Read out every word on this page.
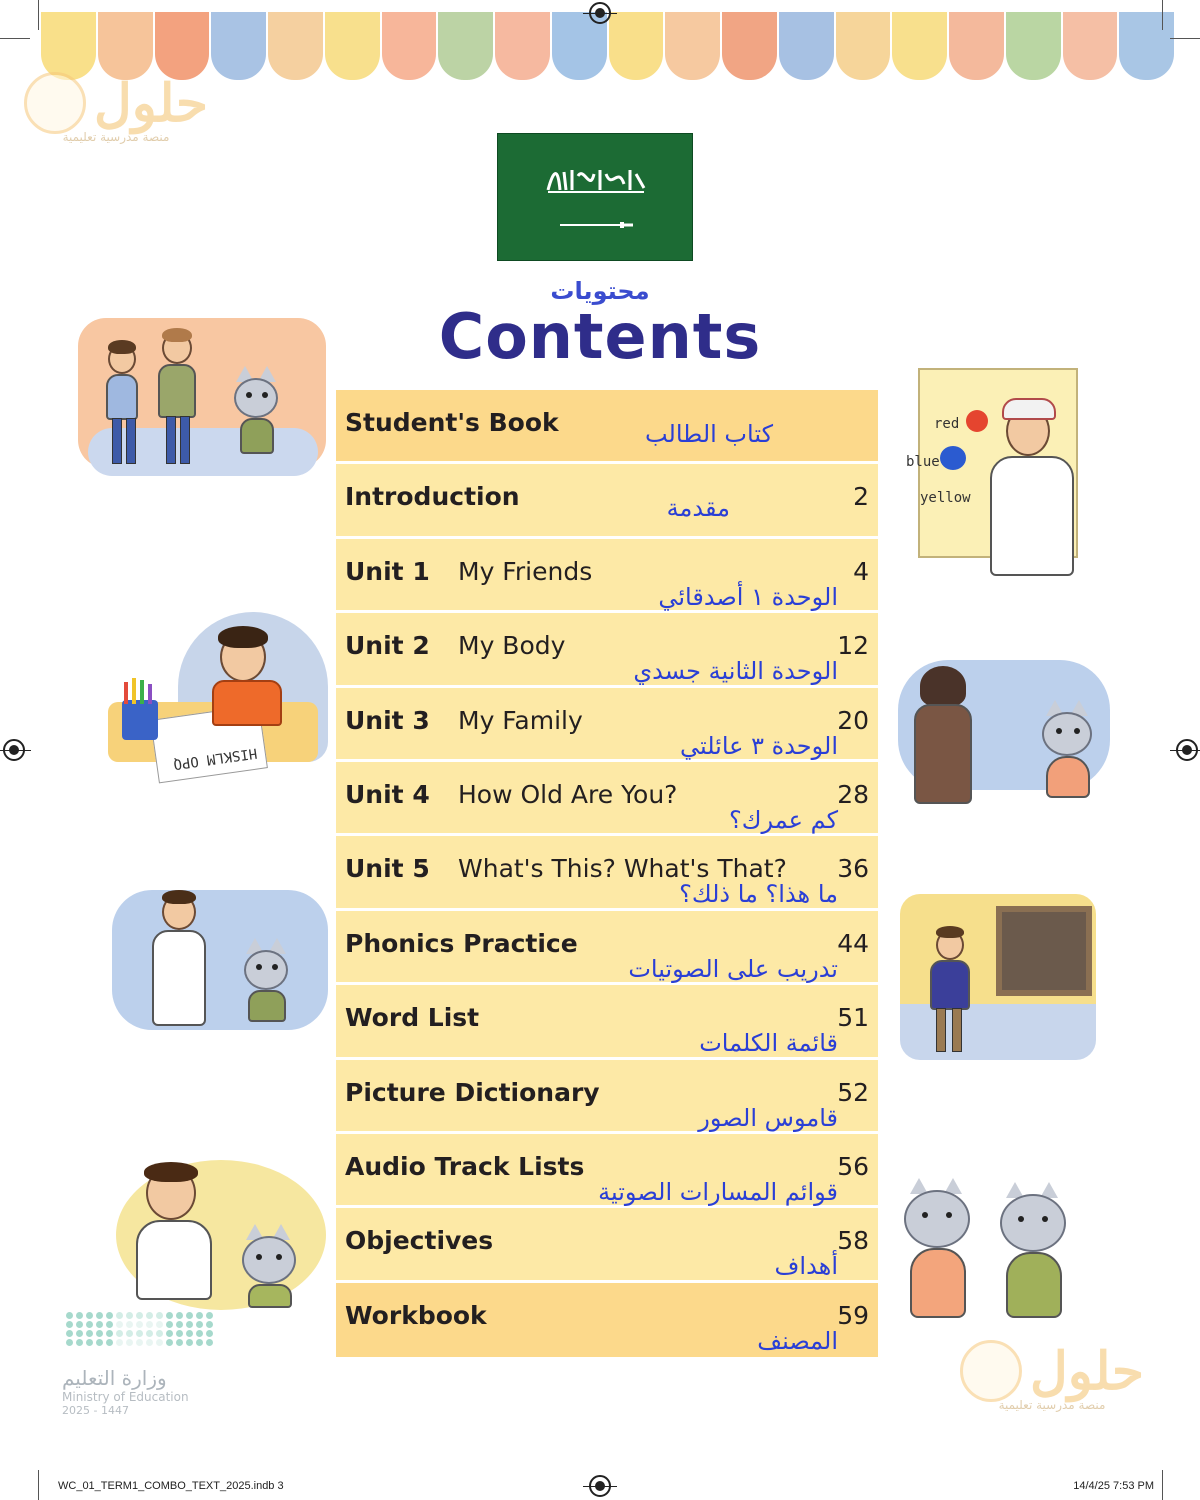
حلول
منصة مدرسية تعليمية
حلول
منصة مدرسية تعليمية
محتويات
Contents
Student's Book	كتاب الطالب
Introduction	مقدمة	2
Unit 1 My Friends	4
الوحدة ١ أصدقائي
Unit 2 My Body	12
الوحدة الثانية جسدي
Unit 3 My Family	20
الوحدة ٣ عائلتي
Unit 4 How Old Are You?	28
كم عمرك؟
Unit 5 What's This? What's That? 36
ما هذا؟ ما ذلك؟
Phonics Practice	44
تدريب على الصوتيات
Word List	51
قائمة الكلمات
Picture Dictionary	52
قاموس الصور
Audio Track Lists	56
قوائم المسارات الصوتية
Objectives	58
أهداف
Workbook	59
المصنف
HISKLM OPQ
red
blue
yellow
وزارة التعليم
Ministry of Education
2025 - 1447
WC_01_TERM1_COMBO_TEXT_2025.indb 3	14/4/25 7:53 PM
